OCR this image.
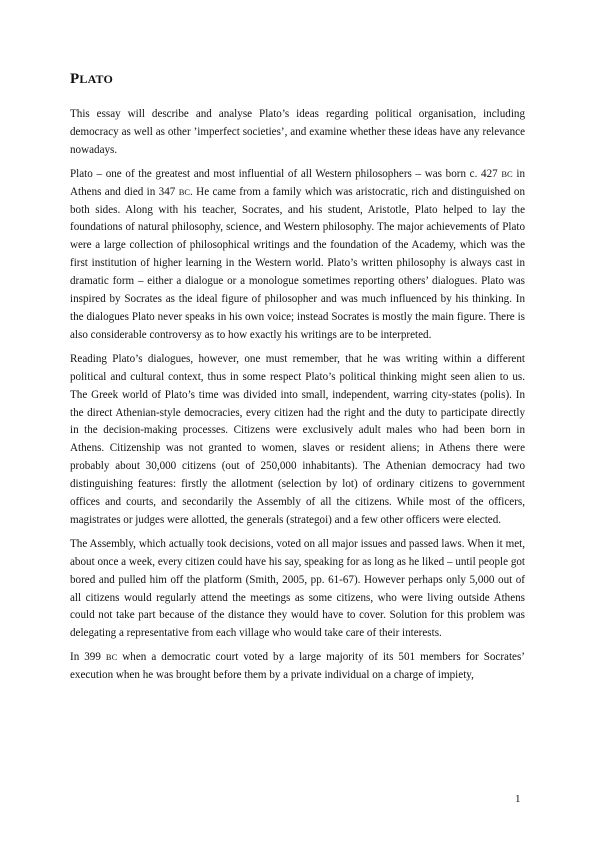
PLATO

This essay will describe and analyse Plato’s ideas regarding political organisation, including democracy as well as other ’imperfect societies’, and examine whether these ideas have any relevance nowadays.

Plato – one of the greatest and most influential of all Western philosophers – was born c. 427 BC in Athens and died in 347 BC. He came from a family which was aristocratic, rich and distinguished on both sides. Along with his teacher, Socrates, and his student, Aristotle, Plato helped to lay the foundations of natural philosophy, science, and Western philosophy. The major achievements of Plato were a large collection of philosophical writings and the foundation of the Academy, which was the first institution of higher learning in the Western world. Plato’s written philosophy is always cast in dramatic form – either a dialogue or a monologue sometimes reporting others’ dialogues. Plato was inspired by Socrates as the ideal figure of philosopher and was much influenced by his thinking. In the dialogues Plato never speaks in his own voice; instead Socrates is mostly the main figure. There is also considerable controversy as to how exactly his writings are to be interpreted.

Reading Plato’s dialogues, however, one must remember, that he was writing within a different political and cultural context, thus in some respect Plato’s political thinking might seen alien to us. The Greek world of Plato’s time was divided into small, independent, warring city-states (polis). In the direct Athenian-style democracies, every citizen had the right and the duty to participate directly in the decision-making processes. Citizens were exclusively adult males who had been born in Athens. Citizenship was not granted to women, slaves or resident aliens; in Athens there were probably about 30,000 citizens (out of 250,000 inhabitants). The Athenian democracy had two distinguishing features: firstly the allotment (selection by lot) of ordinary citizens to government offices and courts, and secondarily the Assembly of all the citizens. While most of the officers, magistrates or judges were allotted, the generals (strategoi) and a few other officers were elected.

The Assembly, which actually took decisions, voted on all major issues and passed laws. When it met, about once a week, every citizen could have his say, speaking for as long as he liked – until people got bored and pulled him off the platform (Smith, 2005, pp. 61-67). However perhaps only 5,000 out of all citizens would regularly attend the meetings as some citizens, who were living outside Athens could not take part because of the distance they would have to cover. Solution for this problem was delegating a representative from each village who would take care of their interests.

In 399 BC when a democratic court voted by a large majority of its 501 members for Socrates’ execution when he was brought before them by a private individual on a charge of impiety,

1
